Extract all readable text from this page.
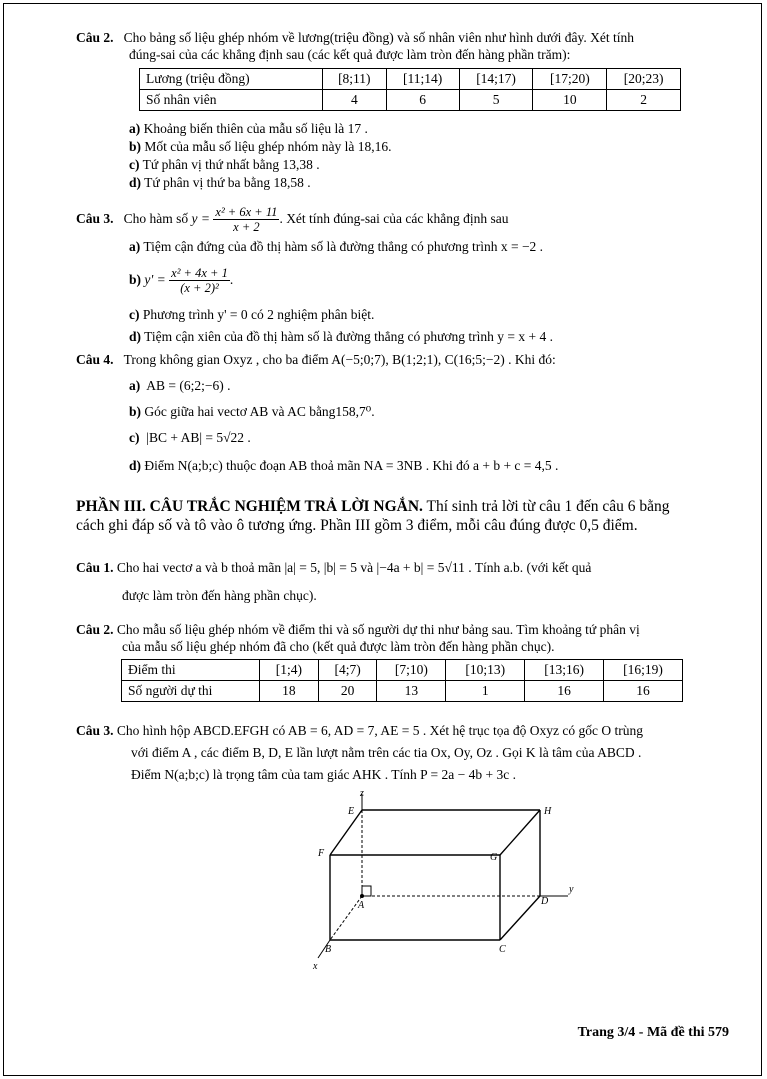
Câu 2. Cho bảng số liệu ghép nhóm về lương(triệu đồng) và số nhân viên như hình dưới đây. Xét tính
đúng-sai của các khẳng định sau (các kết quả được làm tròn đến hàng phần trăm):
Lương (triệu đồng)	[8;11)	[11;14)	[14;17)	[17;20)	[20;23)
Số nhân viên	4	6	5	10	2
a) Khoảng biến thiên của mẫu số liệu là 17 .
b) Mốt của mẫu số liệu ghép nhóm này là 18,16.
c) Tứ phân vị thứ nhất bằng 13,38 .
d) Tứ phân vị thứ ba bằng 18,58 .
Câu 3. Cho hàm số $y = \frac{\text{x² + 6x + 11}}{x + 2}$ . Xét tính đúng-sai của các khẳng định sau
a) Tiệm cận đứng của đồ thị hàm số là đường thẳng có phương trình x = −2 .
b) $y' = \frac{\text{x² + 4x + 1}}{\text{(x + 2)²}}$ .
c) Phương trình y' = 0 có 2 nghiệm phân biệt.
d) Tiệm cận xiên của đồ thị hàm số là đường thẳng có phương trình y = x + 4 .
Câu 4. Trong không gian Oxyz , cho ba điểm A(−5;0;7), B(1;2;1), C(16;5;−2) . Khi đó:
a) AB = (6;2;−6) .
b) Góc giữa hai vectơ AB và AC bằng158,7⁰.
c) |BC + AB| = 5√22 .
d) Điểm N(a;b;c) thuộc đoạn AB thoả mãn NA = 3NB . Khi đó a + b + c = 4,5 .
PHẦN III. CÂU TRẮC NGHIỆM TRẢ LỜI NGẮN. Thí sinh trả lời từ câu 1 đến câu 6 bằng
cách ghi đáp số và tô vào ô tương ứng. Phần III gồm 3 điểm, mỗi câu đúng được 0,5 điểm.
Câu 1. Cho hai vectơ a và b thoả mãn |a| = 5, |b| = 5 và |−4a + b| = 5√11 . Tính a.b. (với kết quả
được làm tròn đến hàng phần chục).
Câu 2. Cho mẫu số liệu ghép nhóm về điểm thi và số người dự thi như bảng sau. Tìm khoảng tứ phân vị
của mẫu số liệu ghép nhóm đã cho (kết quả được làm tròn đến hàng phần chục).
Điểm thi	[1;4)	[4;7)	[7;10)	[10;13)	[13;16)	[16;19)
Số người dự thi	18	20	13	1	16	16
Câu 3. Cho hình hộp ABCD.EFGH có AB = 6, AD = 7, AE = 5 . Xét hệ trục tọa độ Oxyz có gốc O trùng
với điểm A , các điểm B, D, E lần lượt nằm trên các tia Ox, Oy, Oz . Gọi K là tâm của ABCD .
Điểm N(a;b;c) là trọng tâm của tam giác AHK . Tính P = 2a − 4b + 3c .
E	H
F	G
A	D
B	C
x
y
z
Trang 3/4 - Mã đề thi 579
